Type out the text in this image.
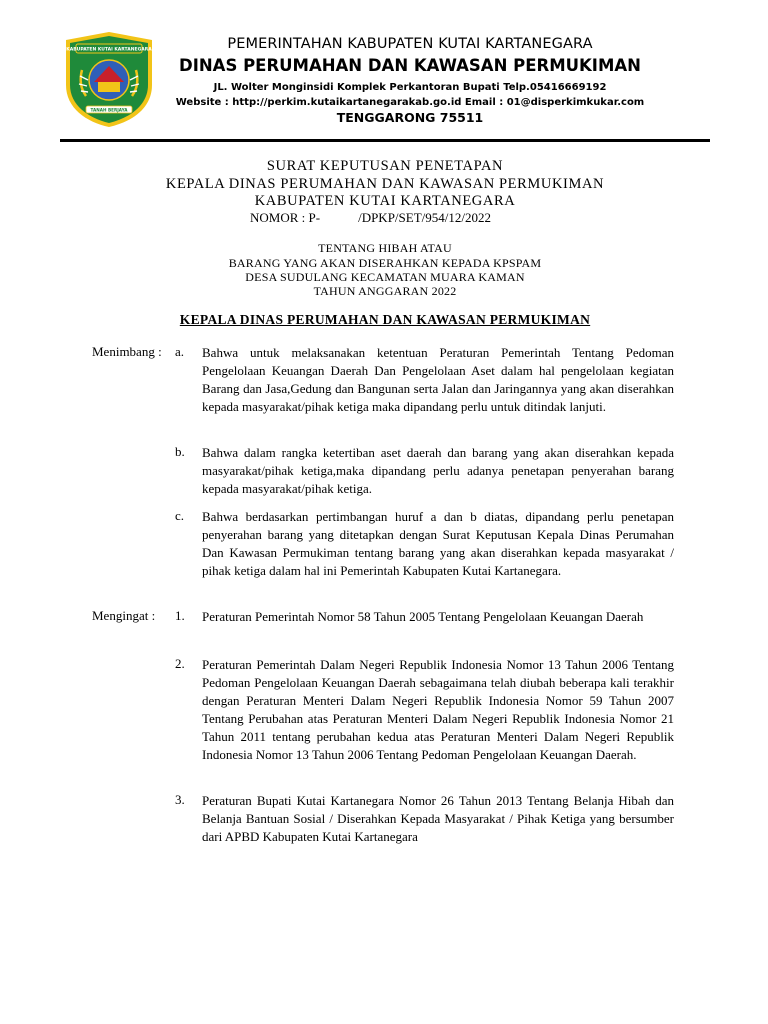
KABUPATEN KUTAI KARTANEGARA
TANAH BERJAYA
PEMERINTAHAN KABUPATEN KUTAI KARTANEGARA
DINAS PERUMAHAN DAN KAWASAN PERMUKIMAN
JL. Wolter Monginsidi Komplek Perkantoran Bupati Telp.05416669192
Website : http://perkim.kutaikartanegarakab.go.id Email : 01@disperkimkukar.com
TENGGARONG 75511
SURAT KEPUTUSAN PENETAPAN
KEPALA DINAS PERUMAHAN DAN KAWASAN PERMUKIMAN
KABUPATEN KUTAI KARTANEGARA
NOMOR : P-	/DPKP/SET/954/12/2022
TENTANG HIBAH ATAU
BARANG YANG AKAN DISERAHKAN KEPADA KPSPAM
DESA SUDULANG KECAMATAN MUARA KAMAN
TAHUN ANGGARAN 2022
KEPALA DINAS PERUMAHAN DAN KAWASAN PERMUKIMAN
Menimbang : a. Bahwa untuk melaksanakan ketentuan Peraturan Pemerintah Tentang Pedoman Pengelolaan Keuangan Daerah Dan Pengelolaan Aset dalam hal pengelolaan kegiatan Barang dan Jasa,Gedung dan Bangunan serta Jalan dan Jaringannya yang akan diserahkan kepada masyarakat/pihak ketiga maka dipandang perlu untuk ditindak lanjuti.
b. Bahwa dalam rangka ketertiban aset daerah dan barang yang akan diserahkan kepada masyarakat/pihak ketiga,maka dipandang perlu adanya penetapan penyerahan barang kepada masyarakat/pihak ketiga.
c. Bahwa berdasarkan pertimbangan huruf a dan b diatas, dipandang perlu penetapan penyerahan barang yang ditetapkan dengan Surat Keputusan Kepala Dinas Perumahan Dan Kawasan Permukiman tentang barang yang akan diserahkan kepada masyarakat / pihak ketiga dalam hal ini Pemerintah Kabupaten Kutai Kartanegara.
Mengingat : 1. Peraturan Pemerintah Nomor 58 Tahun 2005 Tentang Pengelolaan Keuangan Daerah
2. Peraturan Pemerintah Dalam Negeri Republik Indonesia Nomor 13 Tahun 2006 Tentang Pedoman Pengelolaan Keuangan Daerah sebagaimana telah diubah beberapa kali terakhir dengan Peraturan Menteri Dalam Negeri Republik Indonesia Nomor 59 Tahun 2007 Tentang Perubahan atas Peraturan Menteri Dalam Negeri Republik Indonesia Nomor 21 Tahun 2011 tentang perubahan kedua atas Peraturan Menteri Dalam Negeri Republik Indonesia Nomor 13 Tahun 2006 Tentang Pedoman Pengelolaan Keuangan Daerah.
3. Peraturan Bupati Kutai Kartanegara Nomor 26 Tahun 2013 Tentang Belanja Hibah dan Belanja Bantuan Sosial / Diserahkan Kepada Masyarakat / Pihak Ketiga yang bersumber dari APBD Kabupaten Kutai Kartanegara
